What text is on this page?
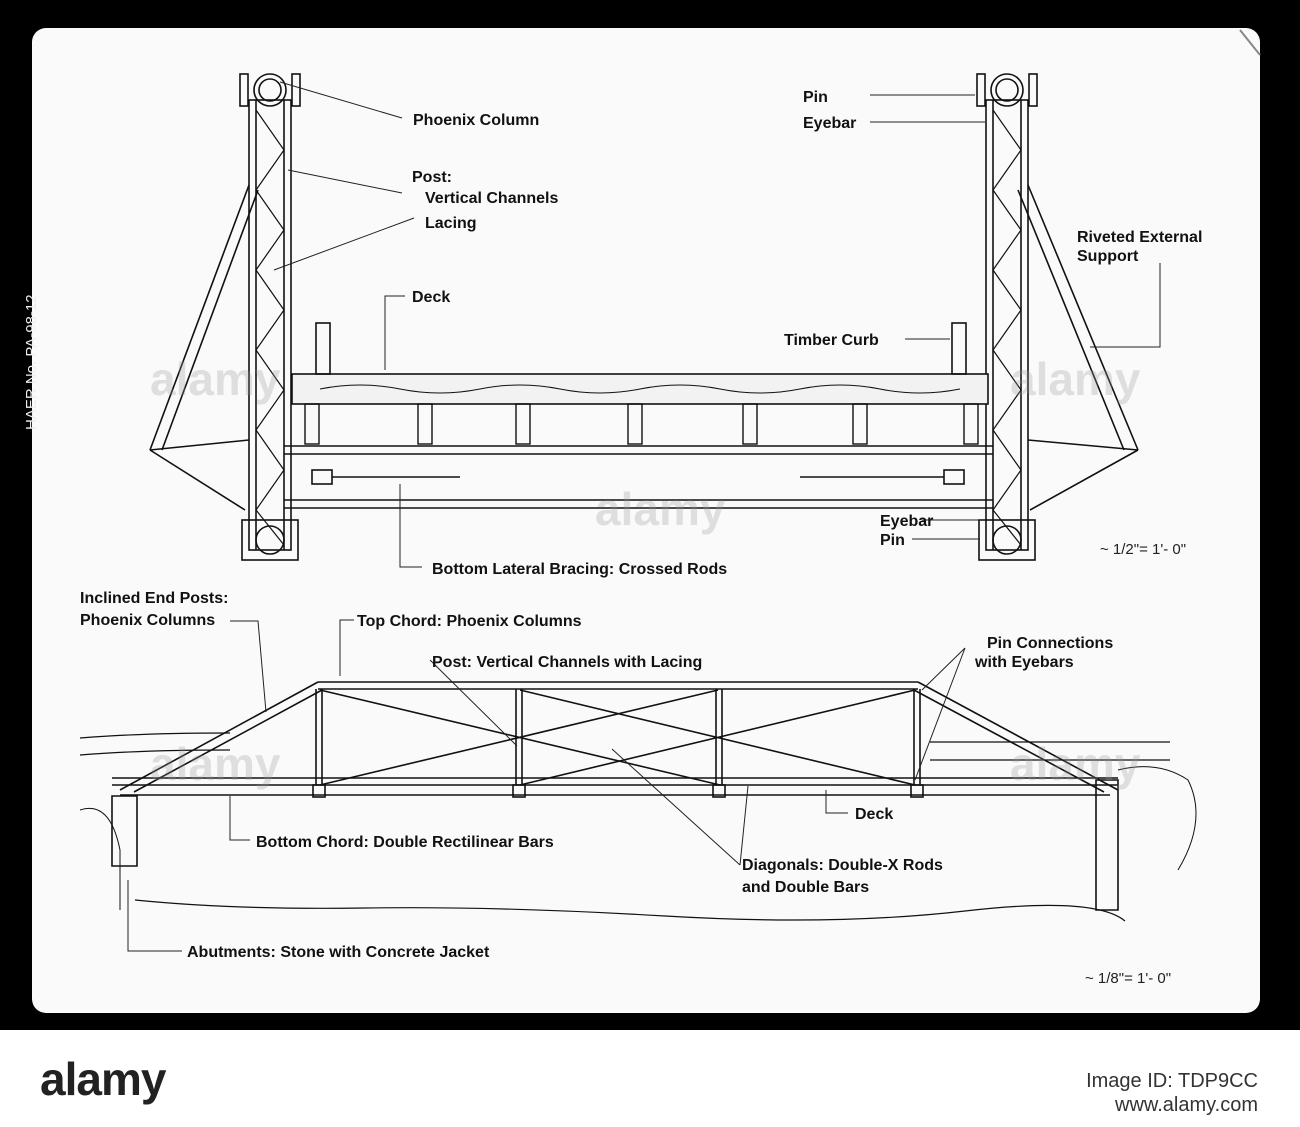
HAER No. PA-98-12
Phoenix Column
Post:
Vertical Channels
Lacing
Deck
Pin
Eyebar
Riveted External
Support
Timber Curb
Eyebar
Pin
Bottom Lateral Bracing: Crossed Rods
~ 1/2"= 1'- 0"
Inclined End Posts:
Phoenix Columns	Top Chord: Phoenix Columns
Post: Vertical Channels with Lacing
Pin Connections
with Eyebars
Deck
Bottom Chord: Double Rectilinear Bars
Diagonals: Double-X Rods
and Double Bars
Abutments: Stone with Concrete Jacket
~ 1/8"= 1'- 0"
alamy
alamy
alamy
alamy	alamy
alamy	Image ID: TDP9CC
www.alamy.com
